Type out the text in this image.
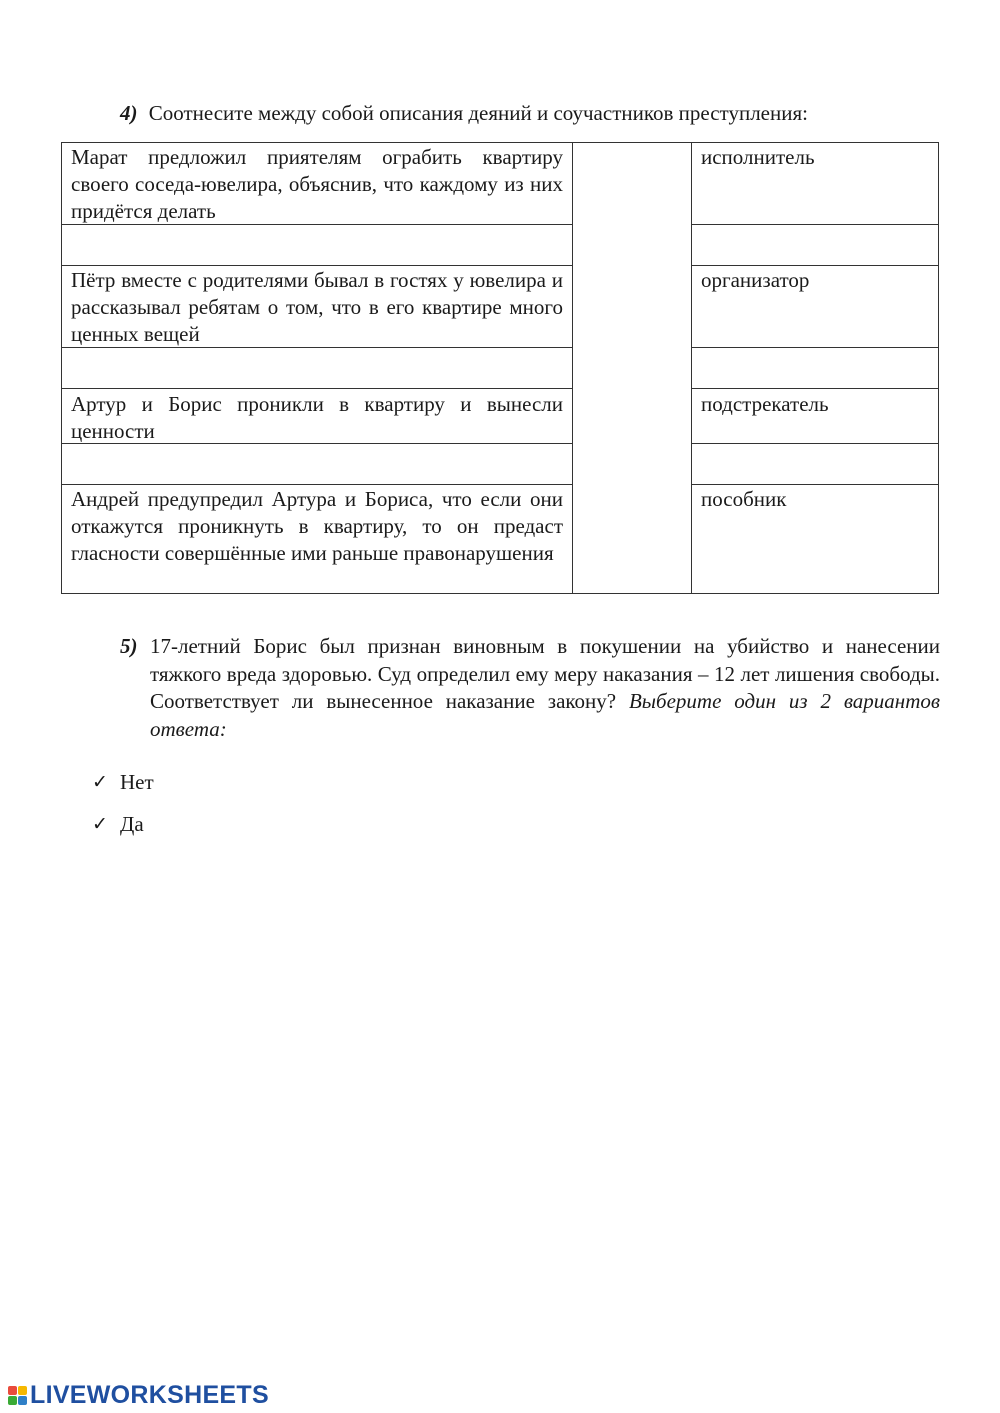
4) Соотнесите между собой описания деяний и соучастников преступления:
Марат предложил приятелям ограбить квартиру своего соседа-ювелира, объяснив, что каждому из них придётся делать
Пётр вместе с родителями бывал в гостях у ювелира и рассказывал ребятам о том, что в его квартире много ценных вещей
Артур и Борис проникли в квартиру и вынесли ценности
Андрей предупредил Артура и Бориса, что если они откажутся проникнуть в квартиру, то он предаст гласности совершённые ими раньше правонарушения
исполнитель
организатор
подстрекатель
пособник
5) 17-летний Борис был признан виновным в покушении на убийство и нанесении тяжкого вреда здоровью. Суд определил ему меру наказания – 12 лет лишения свободы. Соответствует ли вынесенное наказание закону? Выберите один из 2 вариантов ответа:
✓ Нет
✓ Да
LIVEWORKSHEETS
